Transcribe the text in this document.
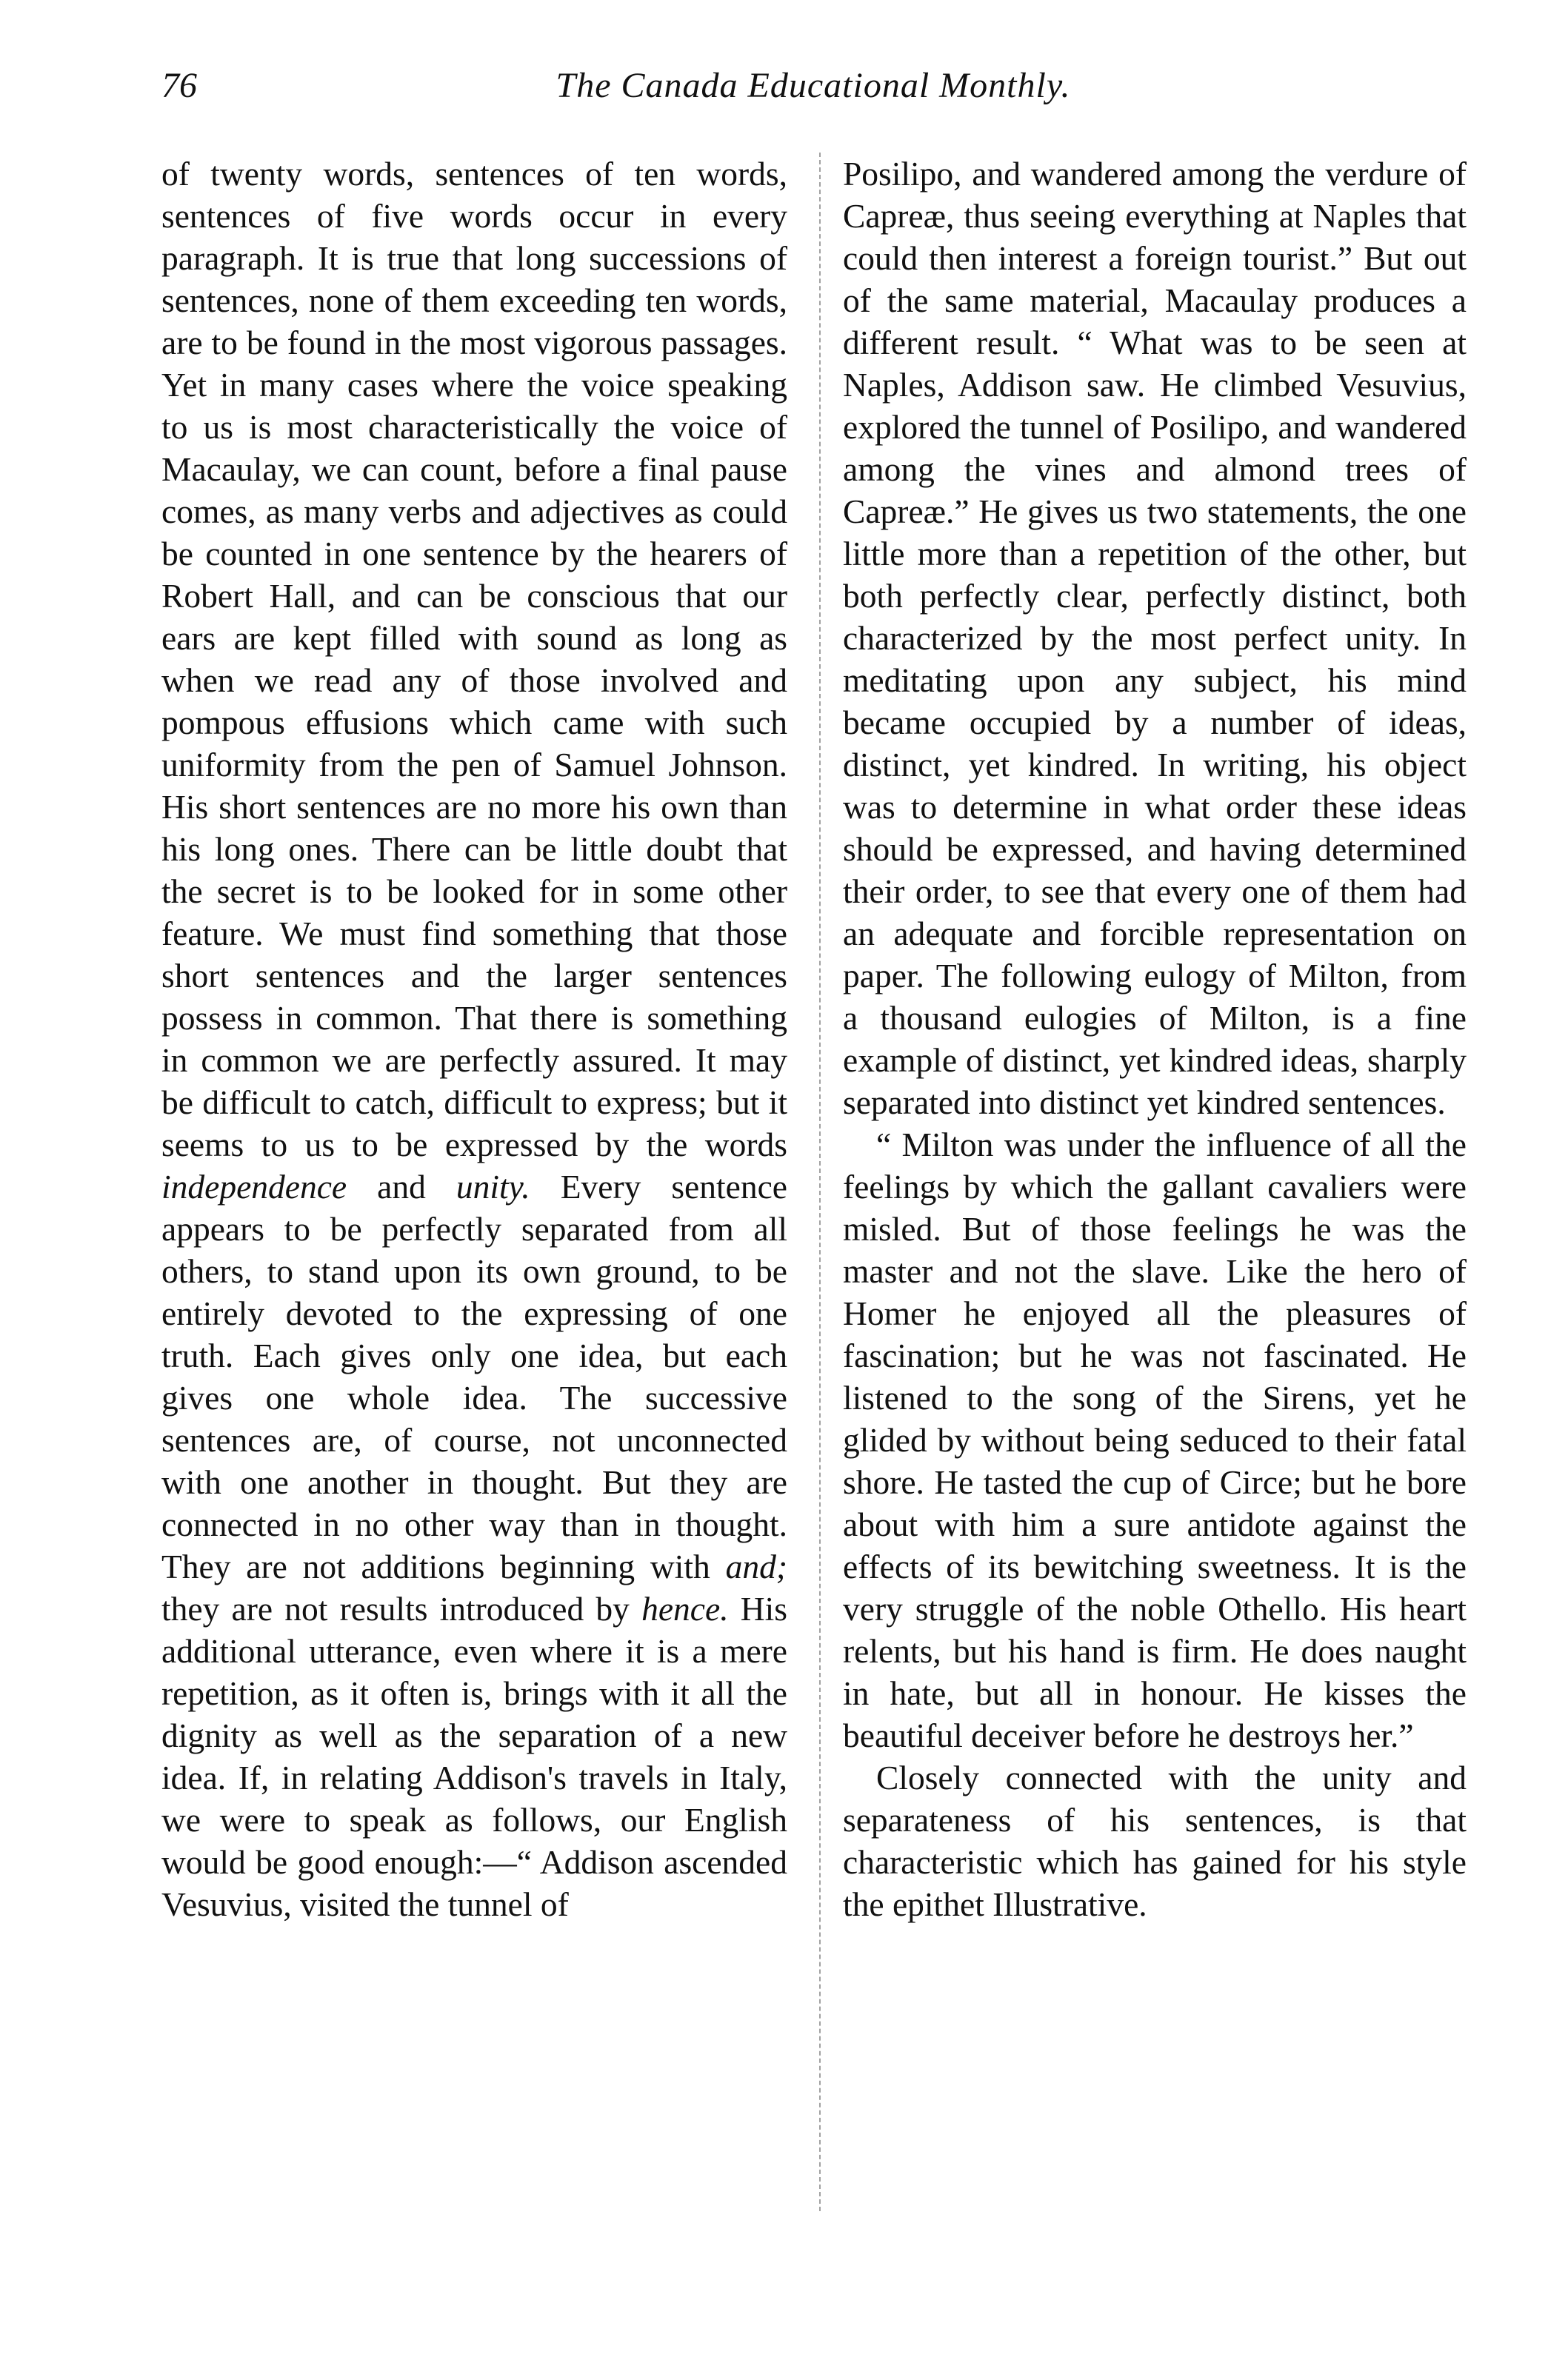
76	The Canada Educational Monthly.

of twenty words, sentences of ten words, sentences of five words occur in every paragraph. It is true that long successions of sentences, none of them exceeding ten words, are to be found in the most vigorous passages. Yet in many cases where the voice speaking to us is most characteristically the voice of Macaulay, we can count, before a final pause comes, as many verbs and adjectives as could be counted in one sentence by the hearers of Robert Hall, and can be conscious that our ears are kept filled with sound as long as when we read any of those involved and pompous effusions which came with such uniformity from the pen of Samuel Johnson. His short sentences are no more his own than his long ones. There can be little doubt that the secret is to be looked for in some other feature. We must find something that those short sentences and the larger sentences possess in common. That there is something in common we are perfectly assured. It may be difficult to catch, difficult to express; but it seems to us to be expressed by the words independence and unity. Every sentence appears to be perfectly separated from all others, to stand upon its own ground, to be entirely devoted to the expressing of one truth. Each gives only one idea, but each gives one whole idea. The successive sentences are, of course, not unconnected with one another in thought. But they are connected in no other way than in thought. They are not additions beginning with and; they are not results introduced by hence. His additional utterance, even where it is a mere repetition, as it often is, brings with it all the dignity as well as the separation of a new idea. If, in relating Addison's travels in Italy, we were to speak as follows, our English would be good enough:—“ Addison ascended Vesuvius, visited the tunnel of

Posilipo, and wandered among the verdure of Capreæ, thus seeing everything at Naples that could then interest a foreign tourist.” But out of the same material, Macaulay produces a different result. “ What was to be seen at Naples, Addison saw. He climbed Vesuvius, explored the tunnel of Posilipo, and wandered among the vines and almond trees of Capreæ.” He gives us two statements, the one little more than a repetition of the other, but both perfectly clear, perfectly distinct, both characterized by the most perfect unity. In meditating upon any subject, his mind became occupied by a number of ideas, distinct, yet kindred. In writing, his object was to determine in what order these ideas should be expressed, and having determined their order, to see that every one of them had an adequate and forcible representation on paper. The following eulogy of Milton, from a thousand eulogies of Milton, is a fine example of distinct, yet kindred ideas, sharply separated into distinct yet kindred sentences.

“ Milton was under the influence of all the feelings by which the gallant cavaliers were misled. But of those feelings he was the master and not the slave. Like the hero of Homer he enjoyed all the pleasures of fascination; but he was not fascinated. He listened to the song of the Sirens, yet he glided by without being seduced to their fatal shore. He tasted the cup of Circe; but he bore about with him a sure antidote against the effects of its bewitching sweetness. It is the very struggle of the noble Othello. His heart relents, but his hand is firm. He does naught in hate, but all in honour. He kisses the beautiful deceiver before he destroys her.”

Closely connected with the unity and separateness of his sentences, is that characteristic which has gained for his style the epithet Illustrative.
